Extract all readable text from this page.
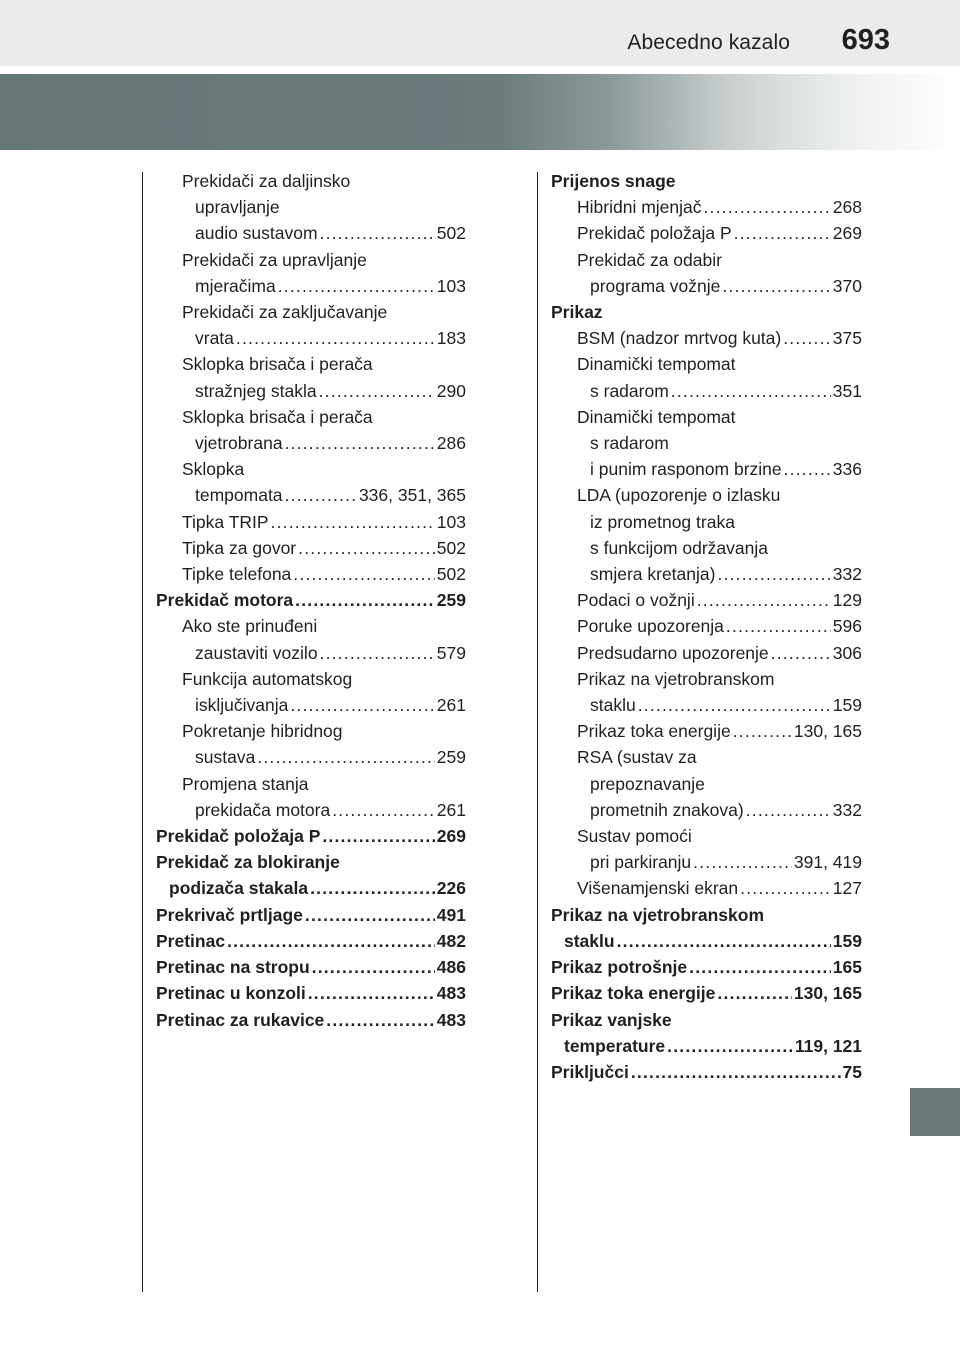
Abecedno kazalo 693
Prekidači za daljinsko
upravljanje
audio sustavom .....	502
Prekidači za upravljanje
mjeračima .....	103
Prekidači za zaključavanje
vrata .....	183
Sklopka brisača i perača
stražnjeg stakla .....	290
Sklopka brisača i perača
vjetrobrana .....	286
Sklopka
tempomata .....	336, 351, 365
Tipka TRIP .....	103
Tipka za govor .....	502
Tipke telefona .....	502
Prekidač motora .....	259
Ako ste prinuđeni
zaustaviti vozilo .....	579
Funkcija automatskog
isključivanja .....	261
Pokretanje hibridnog
sustava .....	259
Promjena stanja
prekidača motora .....	261
Prekidač položaja P .....	269
Prekidač za blokiranje
podizača stakala .....	226
Prekrivač prtljage .....	491
Pretinac .....	482
Pretinac na stropu .....	486
Pretinac u konzoli .....	483
Pretinac za rukavice .....	483
Prijenos snage
Hibridni mjenjač .....	268
Prekidač položaja P .....	269
Prekidač za odabir
programa vožnje .....	370
Prikaz
BSM (nadzor mrtvog kuta) .....	375
Dinamički tempomat
s radarom .....	351
Dinamički tempomat
s radarom
i punim rasponom brzine .....	336
LDA (upozorenje o izlasku
iz prometnog traka
s funkcijom održavanja
smjera kretanja) .....	332
Podaci o vožnji .....	129
Poruke upozorenja .....	596
Predsudarno upozorenje .....	306
Prikaz na vjetrobranskom
staklu .....	159
Prikaz toka energije .....	130, 165
RSA (sustav za
prepoznavanje
prometnih znakova) .....	332
Sustav pomoći
pri parkiranju .....	391, 419
Višenamjenski ekran .....	127
Prikaz na vjetrobranskom
staklu .....	159
Prikaz potrošnje .....	165
Prikaz toka energije .....	130, 165
Prikaz vanjske
temperature .....	119, 121
Priključci .....	75
